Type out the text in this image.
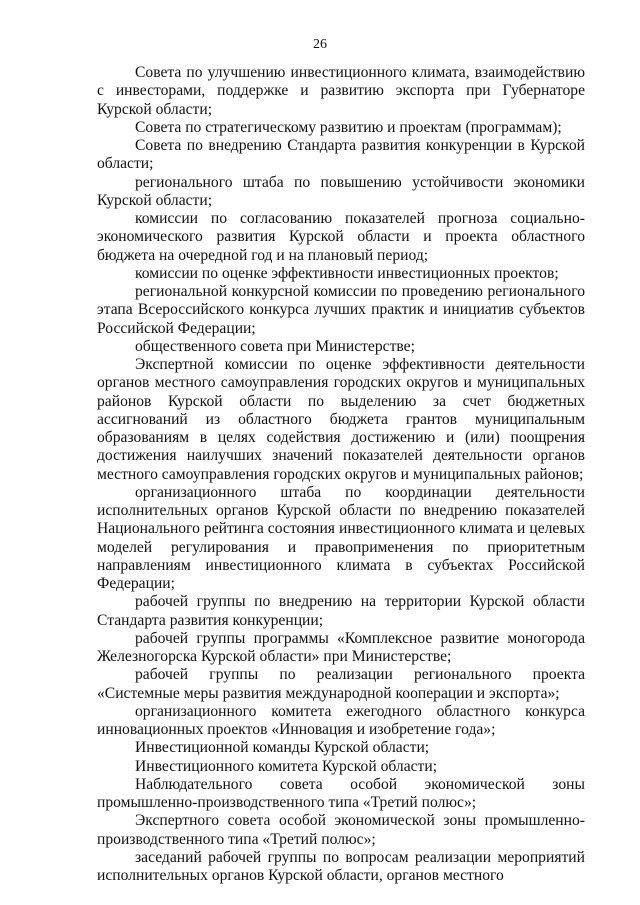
26

Совета по улучшению инвестиционного климата, взаимодействию с инвесторами, поддержке и развитию экспорта при Губернаторе Курской области;

Совета по стратегическому развитию и проектам (программам);

Совета по внедрению Стандарта развития конкуренции в Курской области;

регионального штаба по повышению устойчивости экономики Курской области;

комиссии по согласованию показателей прогноза социально-экономического развития Курской области и проекта областного бюджета на очередной год и на плановый период;

комиссии по оценке эффективности инвестиционных проектов;

региональной конкурсной комиссии по проведению регионального этапа Всероссийского конкурса лучших практик и инициатив субъектов Российской Федерации;

общественного совета при Министерстве;

Экспертной комиссии по оценке эффективности деятельности органов местного самоуправления городских округов и муниципальных районов Курской области по выделению за счет бюджетных ассигнований из областного бюджета грантов муниципальным образованиям в целях содействия достижению и (или) поощрения достижения наилучших значений показателей деятельности органов местного самоуправления городских округов и муниципальных районов;

организационного штаба по координации деятельности исполнительных органов Курской области по внедрению показателей Национального рейтинга состояния инвестиционного климата и целевых моделей регулирования и правоприменения по приоритетным направлениям инвестиционного климата в субъектах Российской Федерации;

рабочей группы по внедрению на территории Курской области Стандарта развития конкуренции;

рабочей группы программы «Комплексное развитие моногорода Железногорска Курской области» при Министерстве;

рабочей группы по реализации регионального проекта «Системные меры развития международной кооперации и экспорта»;

организационного комитета ежегодного областного конкурса инновационных проектов «Инновация и изобретение года»;

Инвестиционной команды Курской области;

Инвестиционного комитета Курской области;

Наблюдательного совета особой экономической зоны промышленно-производственного типа «Третий полюс»;

Экспертного совета особой экономической зоны промышленно-производственного типа «Третий полюс»;

заседаний рабочей группы по вопросам реализации мероприятий исполнительных органов Курской области, органов местного
